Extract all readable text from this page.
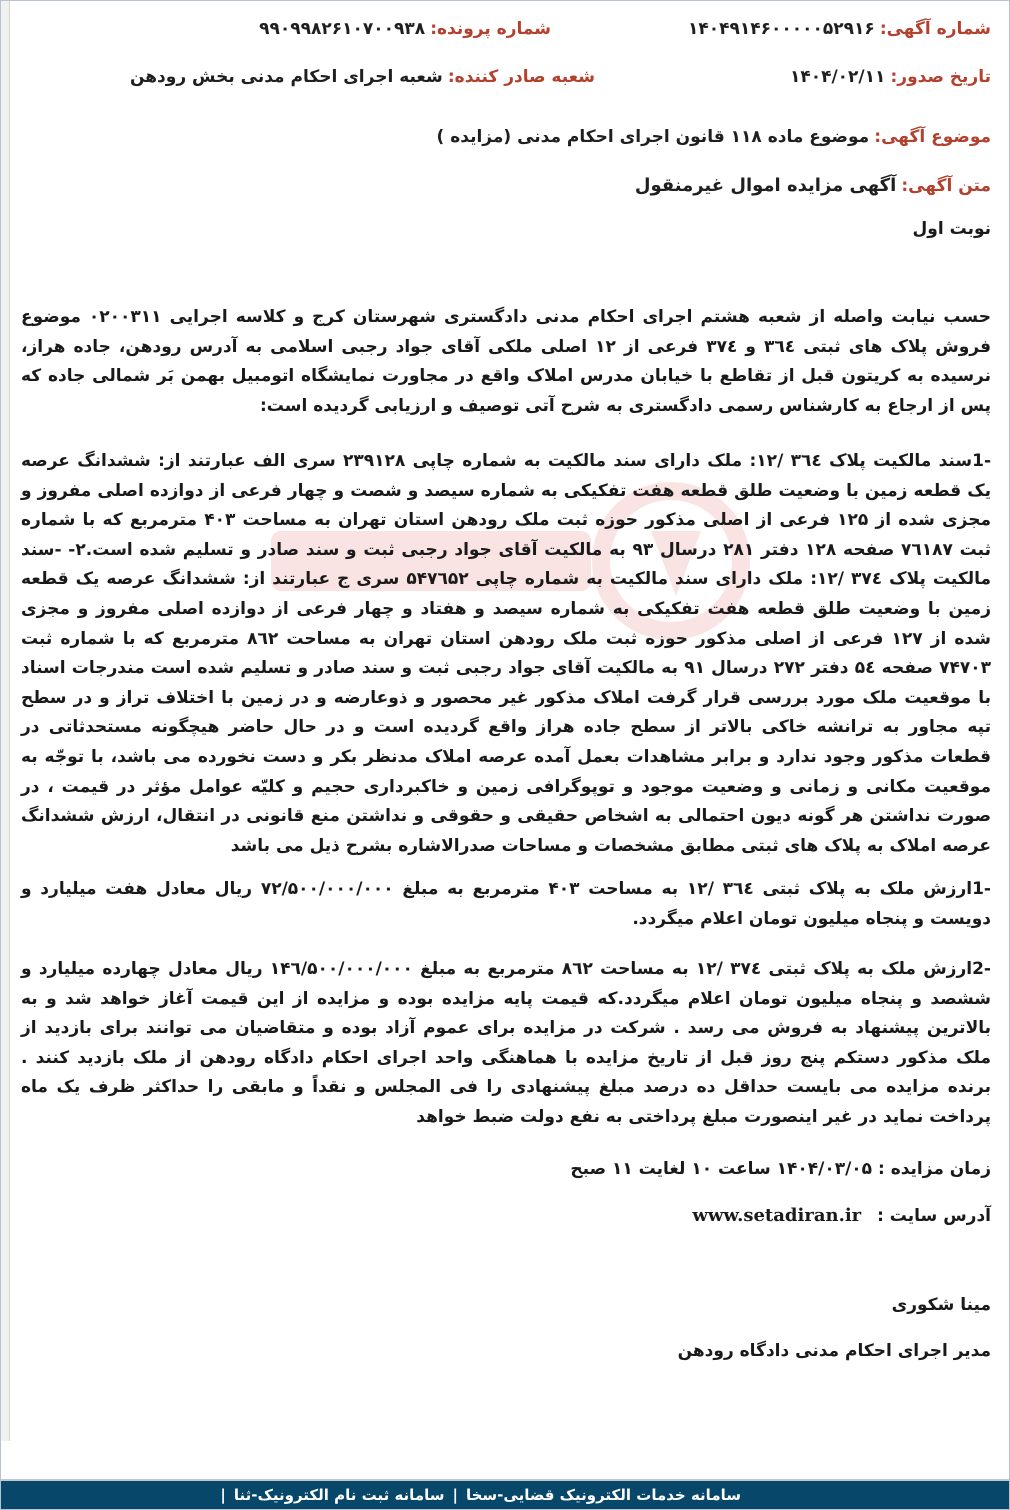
شماره آگهی: ۱۴۰۴۹۱۴۶۰۰۰۰۰۵۲۹۱۶
شماره پرونده: ۹۹۰۹۹۸۲۶۱۰۷۰۰۹۳۸
تاریخ صدور: ۱۴۰۴/۰۲/۱۱
شعبه صادر کننده: شعبه اجرای احکام مدنی بخش رودهن
موضوع آگهی: موضوع ماده ۱۱۸ قانون اجرای احکام مدنی (مزایده )
متن آگهی: آگهی مزایده اموال غیرمنقول
نوبت اول
حسب نیابت واصله از شعبه هشتم اجرای احکام مدنی دادگستری شهرستان کرج و کلاسه اجرایی ۰۲۰۰۳۱۱ موضوع فروش پلاک های ثبتی ۳٦٤ و ۳۷٤ فرعی از ۱۲ اصلی ملکی آقای جواد رجبی اسلامی به آدرس رودهن، جاده هراز، نرسیده به کریتون قبل از تقاطع با خیابان مدرس املاک واقع در مجاورت نمایشگاه اتومبیل بهمن بَر شمالی جاده که پس از ارجاع به کارشناس رسمی دادگستری به شرح آتی توصیف و ارزیابی گردیده است:
-1سند مالکیت پلاک ۳٦٤ /۱۲: ملک دارای سند مالکیت به شماره چاپی ۲۳۹۱۲۸ سری الف عبارتند از: ششدانگ عرصه یک قطعه زمین با وضعیت طلق قطعه هفت تفکیکی به شماره سیصد و شصت و چهار فرعی از دوازده اصلی مفروز و مجزی شده از ۱۲۵ فرعی از اصلی مذکور حوزه ثبت ملک رودهن استان تهران به مساحت ۴۰۳ مترمربع که با شماره ثبت ۷٦۱۸۷ صفحه ۱۲۸ دفتر ۲۸۱ درسال ۹۳ به مالکیت آقای جواد رجبی ثبت و سند صادر و تسلیم شده است.۲- -سند مالکیت پلاک ۳۷٤ /۱۲: ملک دارای سند مالکیت به شماره چاپی ۵۴۷٦۵۲ سری ج عبارتند از: ششدانگ عرصه یک قطعه زمین با وضعیت طلق قطعه هفت تفکیکی به شماره سیصد و هفتاد و چهار فرعی از دوازده اصلی مفروز و مجزی شده از ۱۲۷ فرعی از اصلی مذکور حوزه ثبت ملک رودهن استان تهران به مساحت ۸٦۲ مترمربع که با شماره ثبت ۷۴۷۰۳ صفحه ۵٤ دفتر ۲۷۲ درسال ۹۱ به مالکیت آقای جواد رجبی ثبت و سند صادر و تسلیم شده است مندرجات اسناد با موقعیت ملک مورد بررسی قرار گرفت املاک مذکور غیر محصور و ذوعارضه و در زمین با اختلاف تراز و در سطح تپه مجاور به ترانشه خاکی بالاتر از سطح جاده هراز واقع گردیده است و در حال حاضر هیچگونه مستحدثاتی در قطعات مذکور وجود ندارد و برابر مشاهدات بعمل آمده عرصه املاک مدنظر بکر و دست نخورده می باشد، با توجّه به موقعیت مکانی و زمانی و وضعیت موجود و توپوگرافی زمین و خاکبرداری حجیم و کلیّه عوامل مؤثر در قیمت ، در صورت نداشتن هر گونه دیون احتمالی به اشخاص حقیقی و حقوقی و نداشتن منع قانونی در انتقال، ارزش ششدانگ عرصه املاک به پلاک های ثبتی مطابق مشخصات و مساحات صدرالاشاره بشرح ذیل می باشد
-1ارزش ملک به پلاک ثبتی ۳٦٤ /۱۲ به مساحت ۴۰۳ مترمربع به مبلغ ۷۲/۵۰۰/۰۰۰/۰۰۰ ریال معادل هفت میلیارد و دویست و پنجاه میلیون تومان اعلام میگردد.
-2ارزش ملک به پلاک ثبتی ۳۷٤ /۱۲ به مساحت ۸٦۲ مترمربع به مبلغ ۱۴٦/۵۰۰/۰۰۰/۰۰۰ ریال معادل چهارده میلیارد و ششصد و پنجاه میلیون تومان اعلام میگردد.که قیمت پایه مزایده بوده و مزایده از این قیمت آغاز خواهد شد و به بالاترین پیشنهاد به فروش می رسد . شرکت در مزایده برای عموم آزاد بوده و متقاضیان می توانند برای بازدید از ملک مذکور دستکم پنج روز قبل از تاریخ مزایده با هماهنگی واحد اجرای احکام دادگاه رودهن از ملک بازدید کنند . برنده مزایده می بایست حداقل ده درصد مبلغ پیشنهادی را فی المجلس و نقداً و مابقی را حداکثر ظرف یک ماه پرداخت نماید در غیر اینصورت مبلغ پرداختی به نفع دولت ضبط خواهد
زمان مزایده : ۱۴۰۴/۰۳/۰۵ ساعت ۱۰ لغایت ۱۱ صبح
آدرس سایت : www.setadiran.ir
مینا شکوری
مدیر اجرای احکام مدنی دادگاه رودهن
سامانه خدمات الکترونیک قضایی-سخا
|
سامانه ثبت نام الکترونیک-ثنا
|
